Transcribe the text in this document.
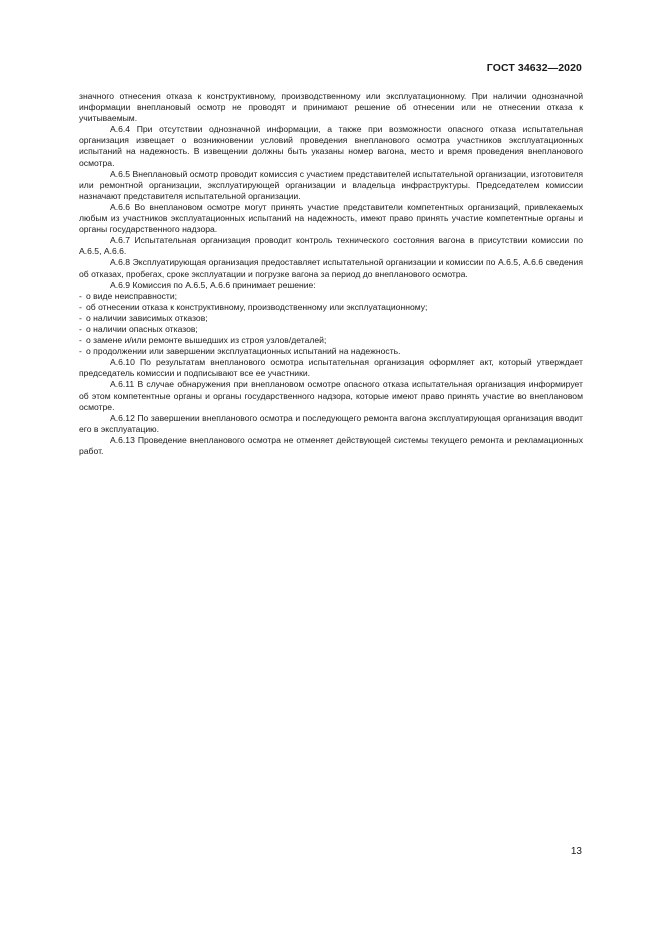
ГОСТ 34632—2020

значного отнесения отказа к конструктивному, производственному или эксплуатационному. При наличии однозначной информации внеплановый осмотр не проводят и принимают решение об отнесении или не отнесении отказа к учитываемым.

А.6.4 При отсутствии однозначной информации, а также при возможности опасного отказа испытательная организация извещает о возникновении условий проведения внепланового осмотра участников эксплуатационных испытаний на надежность. В извещении должны быть указаны номер вагона, место и время проведения внепланового осмотра.

А.6.5 Внеплановый осмотр проводит комиссия с участием представителей испытательной организации, изготовителя или ремонтной организации, эксплуатирующей организации и владельца инфраструктуры. Председателем комиссии назначают представителя испытательной организации.

А.6.6 Во внеплановом осмотре могут принять участие представители компетентных организаций, привлекаемых любым из участников эксплуатационных испытаний на надежность, имеют право принять участие компетентные органы и органы государственного надзора.

А.6.7 Испытательная организация проводит контроль технического состояния вагона в присутствии комиссии по А.6.5, А.6.6.

А.6.8 Эксплуатирующая организация предоставляет испытательной организации и комиссии по А.6.5, А.6.6 сведения об отказах, пробегах, сроке эксплуатации и погрузке вагона за период до внепланового осмотра.

А.6.9 Комиссия по А.6.5, А.6.6 принимает решение:

- о виде неисправности;

- об отнесении отказа к конструктивному, производственному или эксплуатационному;

- о наличии зависимых отказов;

- о наличии опасных отказов;

- о замене и/или ремонте вышедших из строя узлов/деталей;

- о продолжении или завершении эксплуатационных испытаний на надежность.

А.6.10 По результатам внепланового осмотра испытательная организация оформляет акт, который утверждает председатель комиссии и подписывают все ее участники.

А.6.11 В случае обнаружения при внеплановом осмотре опасного отказа испытательная организация информирует об этом компетентные органы и органы государственного надзора, которые имеют право принять участие во внеплановом осмотре.

А.6.12 По завершении внепланового осмотра и последующего ремонта вагона эксплуатирующая организация вводит его в эксплуатацию.

А.6.13 Проведение внепланового осмотра не отменяет действующей системы текущего ремонта и рекламационных работ.

13
